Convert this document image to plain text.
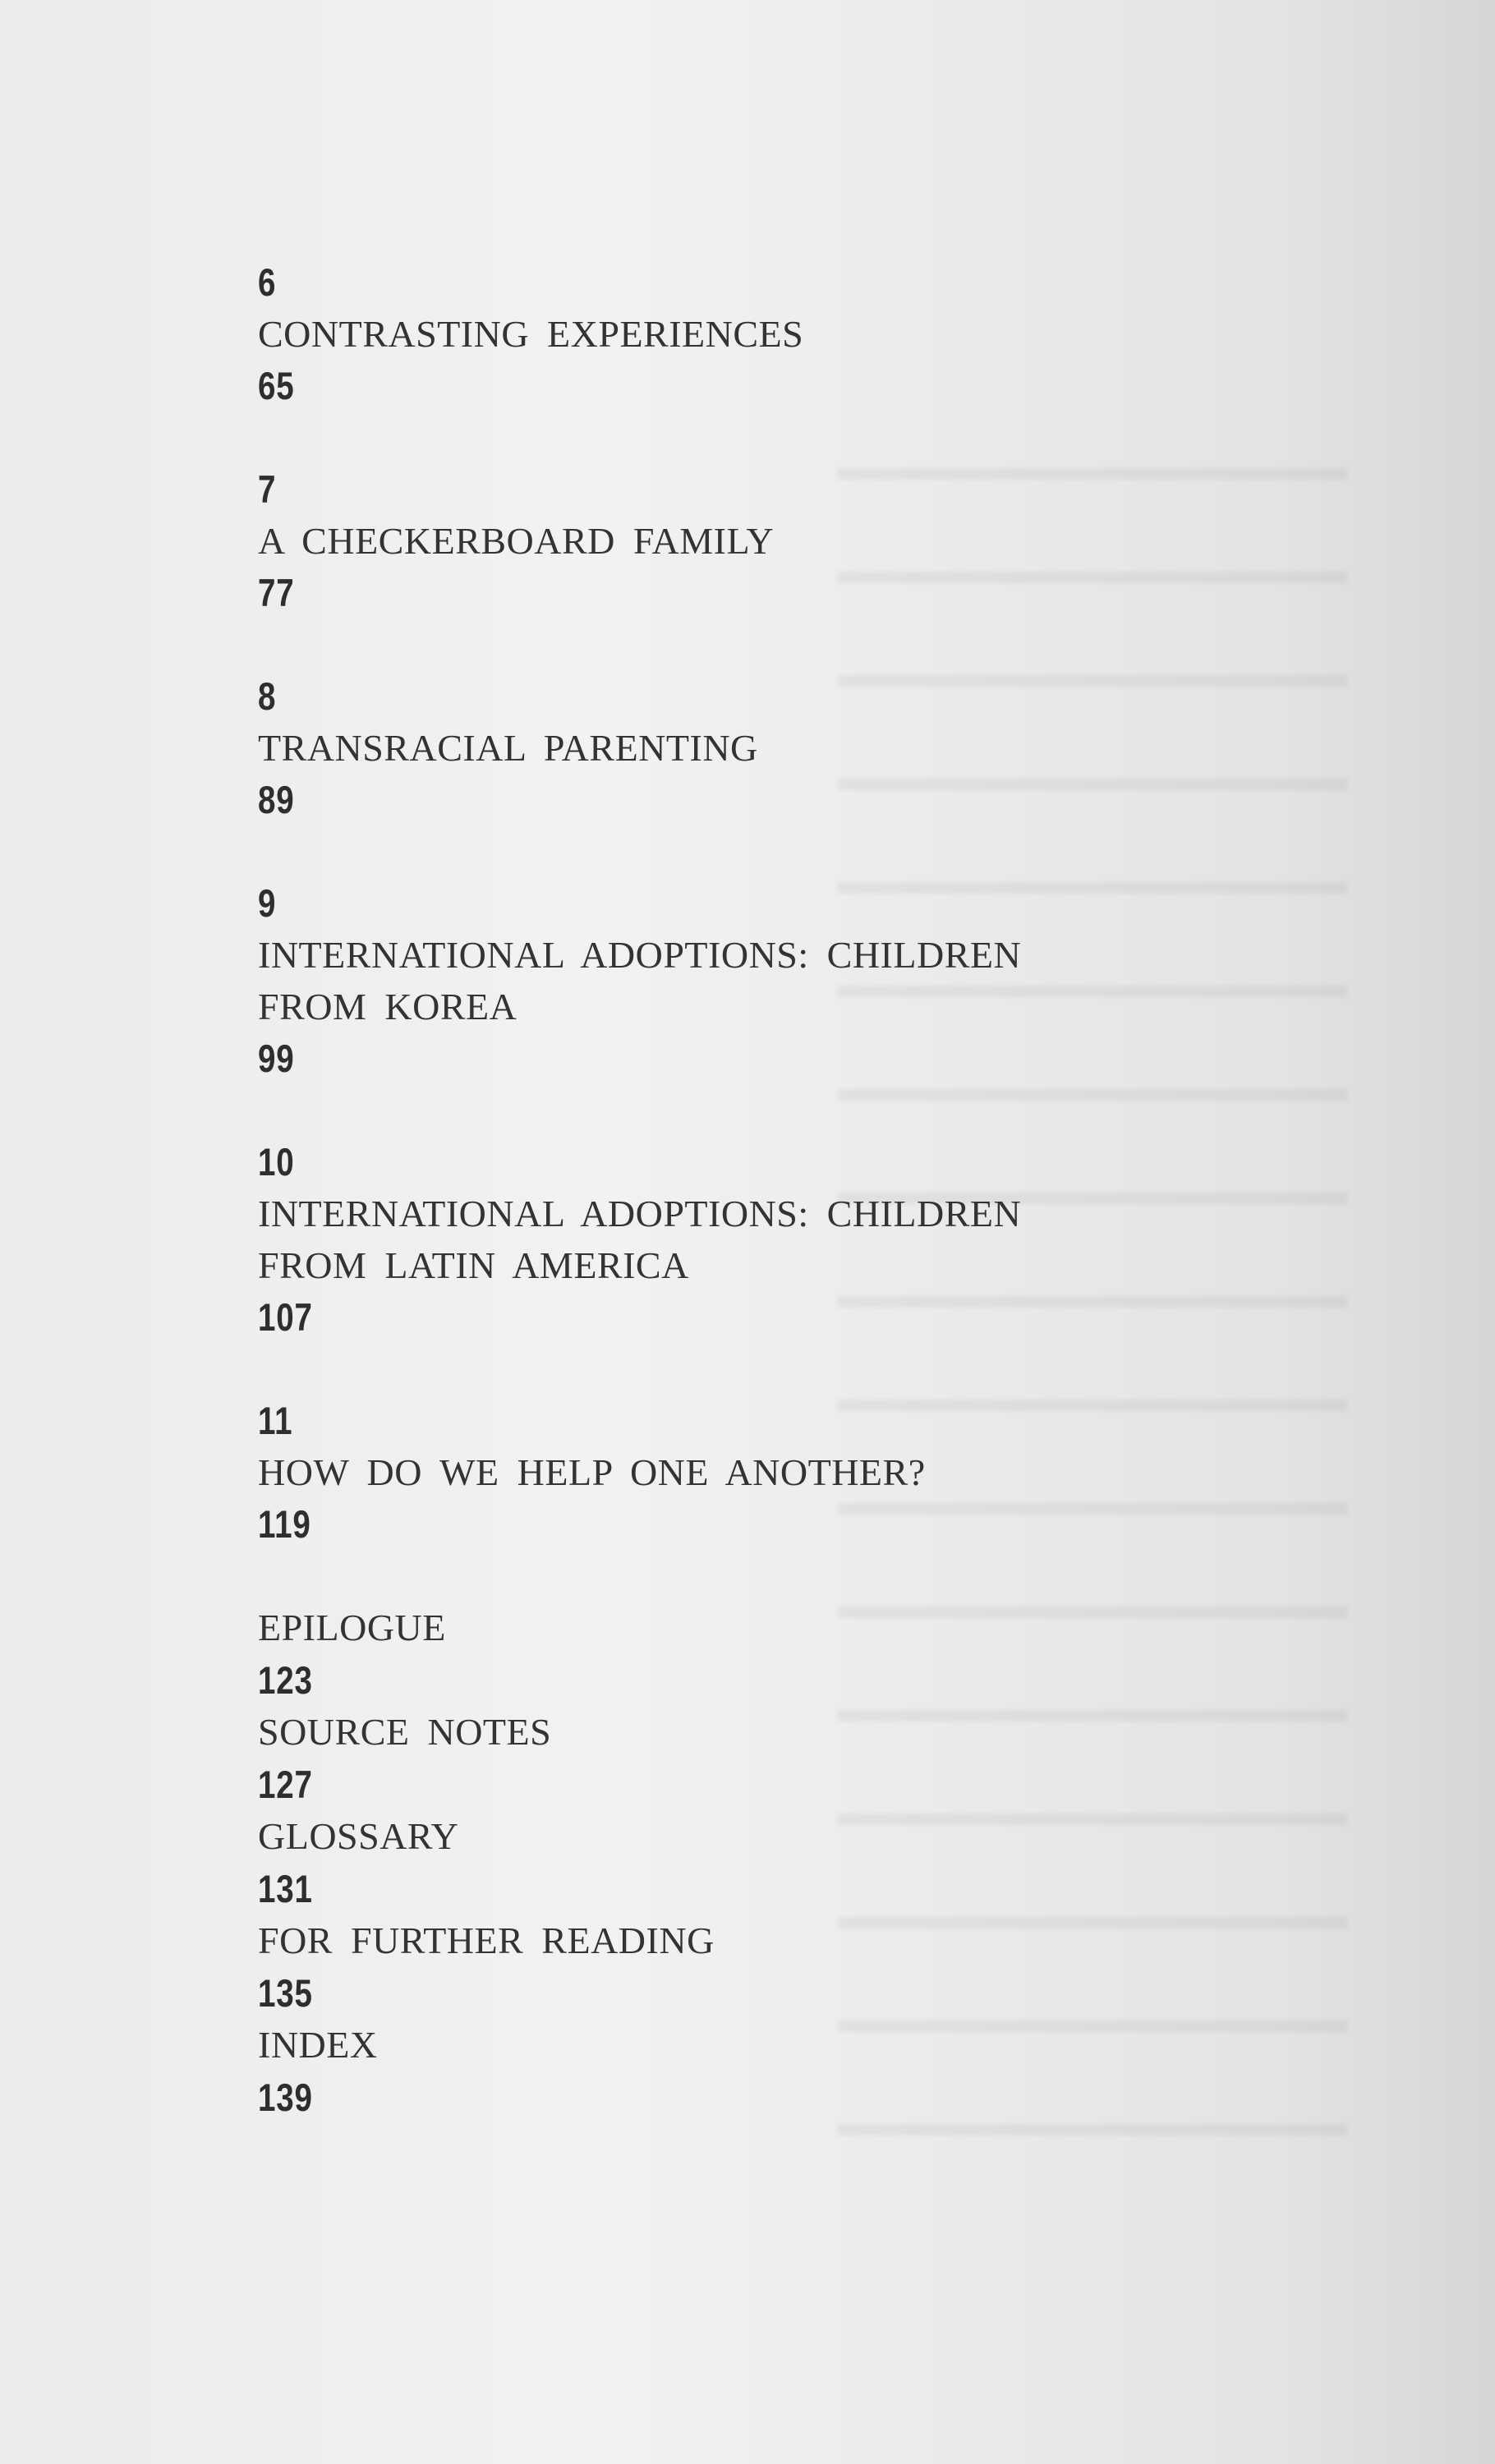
6
CONTRASTING EXPERIENCES
65
7
A CHECKERBOARD FAMILY
77
8
TRANSRACIAL PARENTING
89
9
INTERNATIONAL ADOPTIONS: CHILDREN
FROM KOREA
99
10
INTERNATIONAL ADOPTIONS: CHILDREN
FROM LATIN AMERICA
107
11
HOW DO WE HELP ONE ANOTHER?
119
EPILOGUE
123
SOURCE NOTES
127
GLOSSARY
131
FOR FURTHER READING
135
INDEX
139
